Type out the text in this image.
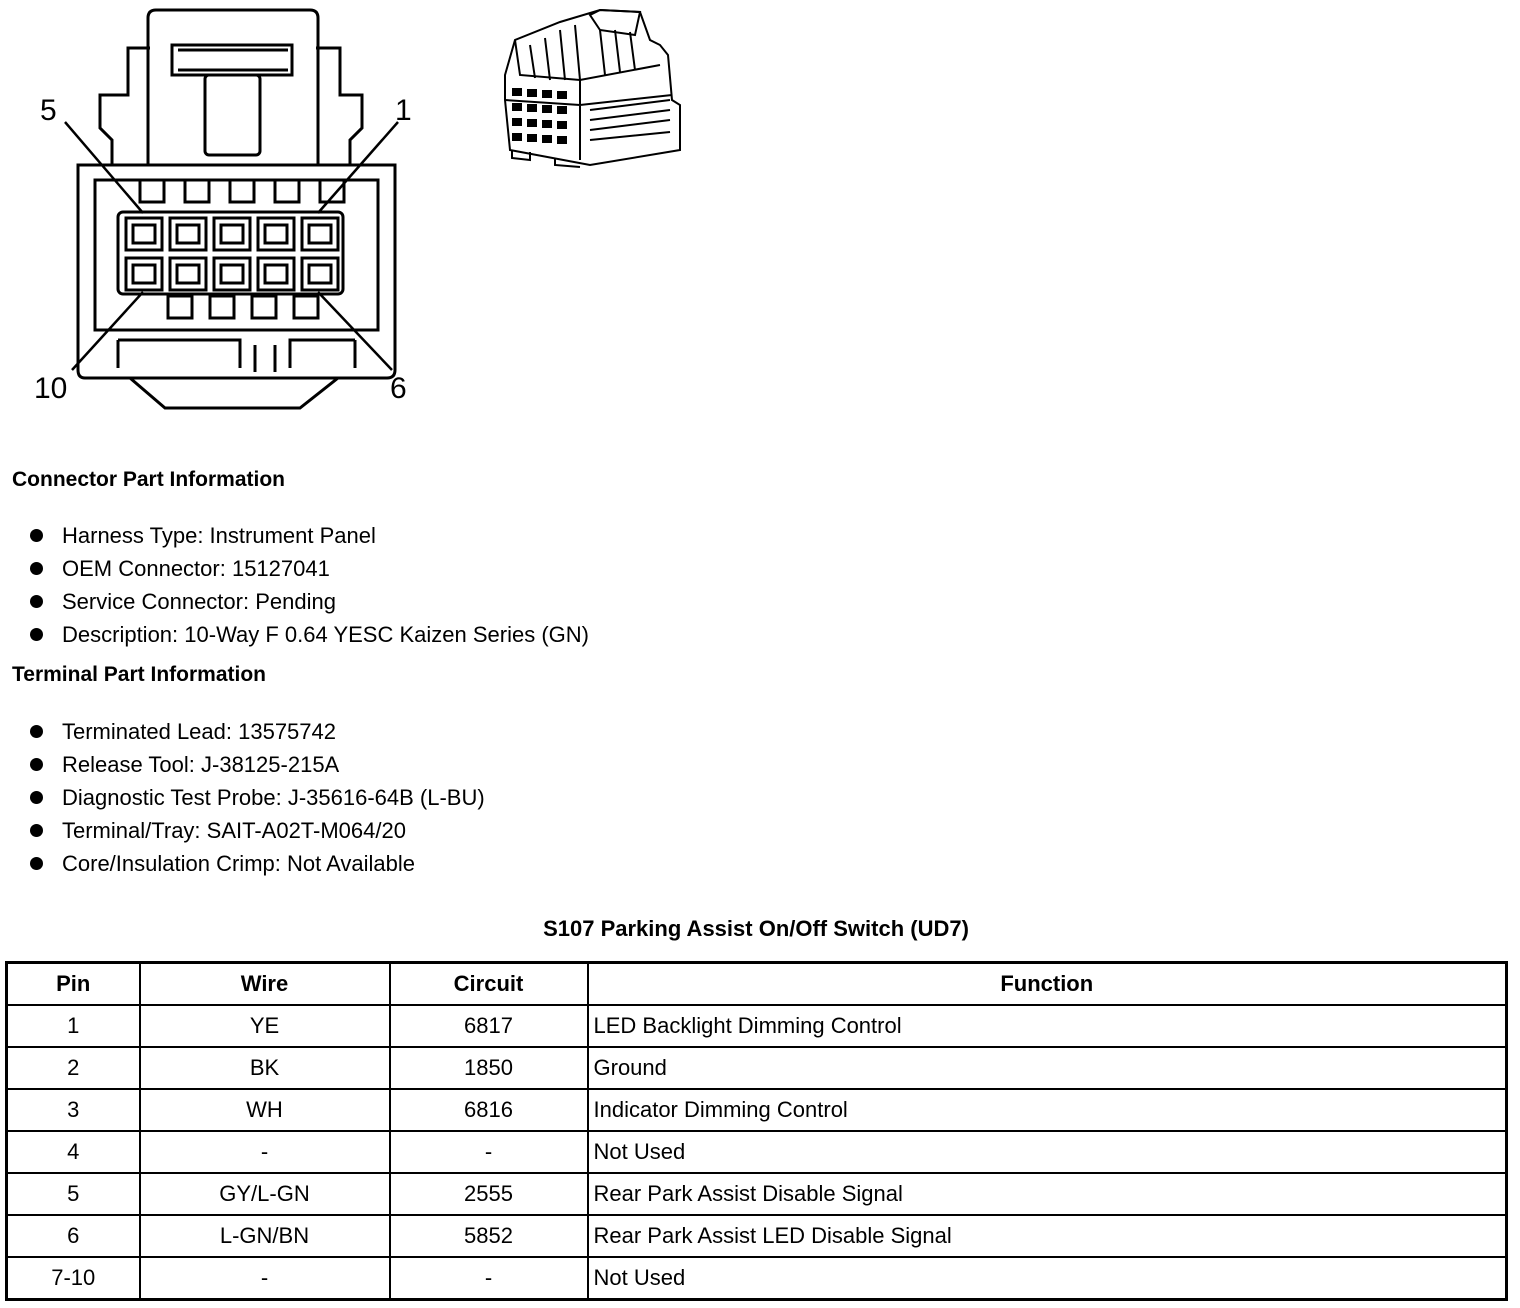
5	1
10	6
Connector Part Information
Harness Type: Instrument Panel
OEM Connector: 15127041
Service Connector: Pending
Description: 10-Way F 0.64 YESC Kaizen Series (GN)
Terminal Part Information
Terminated Lead: 13575742
Release Tool: J-38125-215A
Diagnostic Test Probe: J-35616-64B (L-BU)
Terminal/Tray: SAIT-A02T-M064/20
Core/Insulation Crimp: Not Available
S107 Parking Assist On/Off Switch (UD7)
Pin	Wire	Circuit	Function
1	YE	6817	LED Backlight Dimming Control
2	BK	1850	Ground
3	WH	6816	Indicator Dimming Control
4	-	-	Not Used
5	GY/L-GN	2555	Rear Park Assist Disable Signal
6	L-GN/BN	5852	Rear Park Assist LED Disable Signal
7-10	-	-	Not Used
